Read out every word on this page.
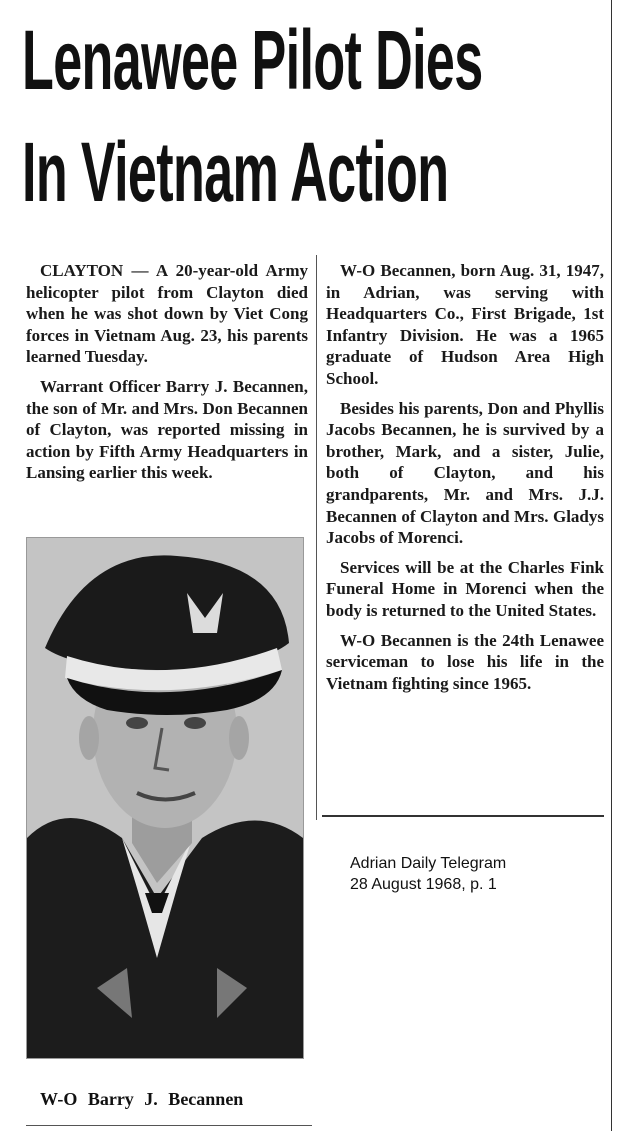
Lenawee Pilot Dies
In Vietnam Action

CLAYTON — A 20-year-old Army helicopter pilot from Clayton died when he was shot down by Viet Cong forces in Vietnam Aug. 23, his parents learned Tuesday.

Warrant Officer Barry J. Becannen, the son of Mr. and Mrs. Don Becannen of Clayton, was reported missing in action by Fifth Army Headquarters in Lansing earlier this week.

W-O Becannen, born Aug. 31, 1947, in Adrian, was serving with Headquarters Co., First Brigade, 1st Infantry Division. He was a 1965 graduate of Hudson Area High School.

Besides his parents, Don and Phyllis Jacobs Becannen, he is survived by a brother, Mark, and a sister, Julie, both of Clayton, and his grandparents, Mr. and Mrs. J.J. Becannen of Clayton and Mrs. Gladys Jacobs of Morenci.

Services will be at the Charles Fink Funeral Home in Morenci when the body is returned to the United States.

W-O Becannen is the 24th Lenawee serviceman to lose his life in the Vietnam fighting since 1965.

W-O Barry J. Becannen
Adrian Daily Telegram
28 August 1968, p. 1
